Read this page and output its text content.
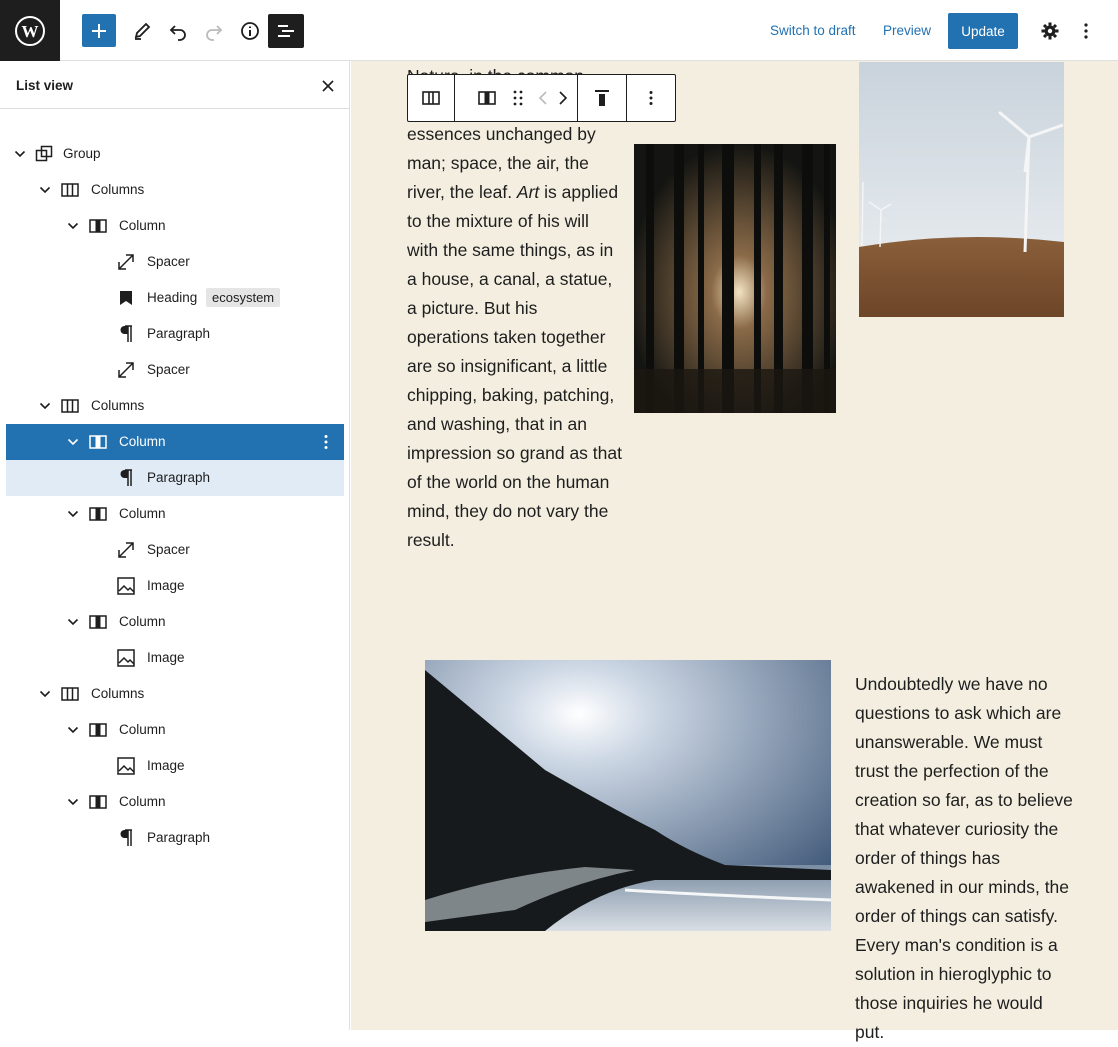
W	Switch to draft Preview	Update
List view
Group
Columns
Column
Spacer
Heading	ecosystem
Paragraph
Spacer
Columns
Column
Paragraph
Column
Spacer
Image
Column
Image
Columns
Column
Image
Column
Paragraph
essences unchanged by man; space, the air, the river, the leaf. Art is applied to the mixture of his will with the same things, as in a house, a canal, a statue, a picture. But his operations taken together are so insignificant, a little chipping, baking, patching, and washing, that in an impression so grand as that of the world on the human mind, they do not vary the result.
Undoubtedly we have no questions to ask which are unanswerable. We must trust the perfection of the creation so far, as to believe that whatever curiosity the order of things has awakened in our minds, the order of things can satisfy. Every man's condition is a solution in hieroglyphic to those inquiries he would put.
